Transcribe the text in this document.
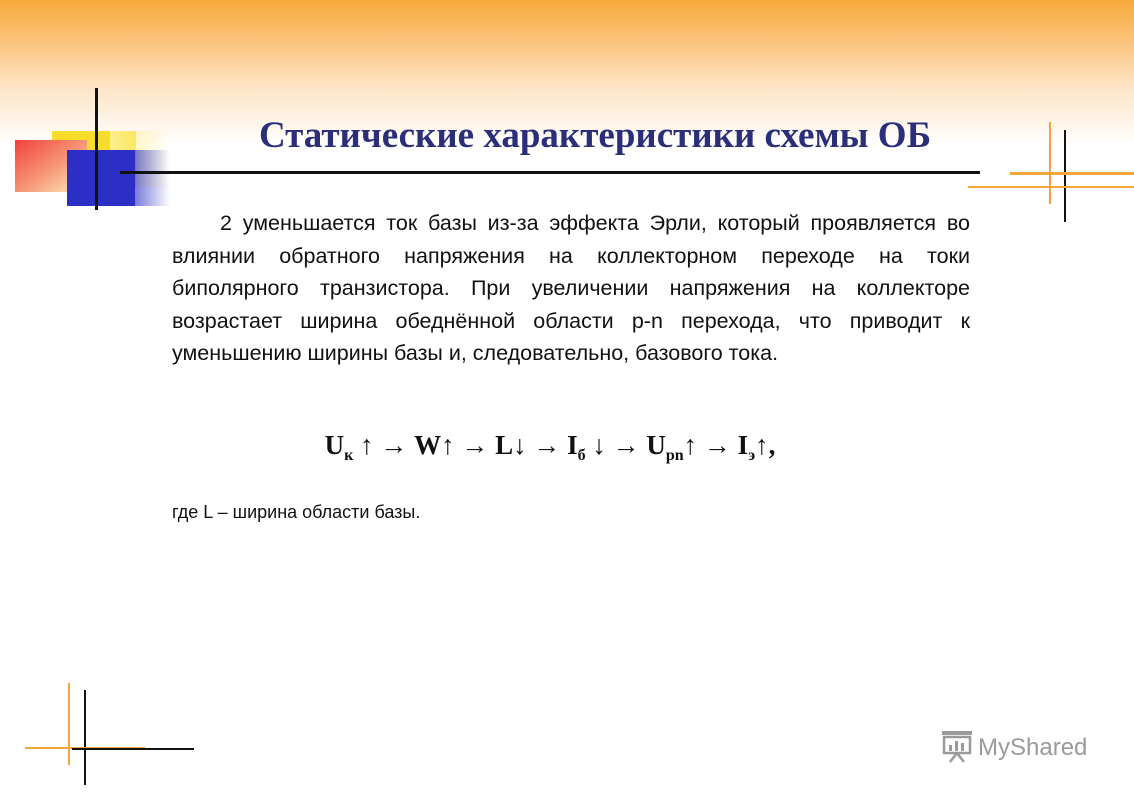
Статические характеристики схемы ОБ

2 уменьшается ток базы из-за эффекта Эрли, который проявляется во влиянии обратного напряжения на коллекторном переходе на токи биполярного транзистора. При увеличении напряжения на коллекторе возрастает ширина обеднённой области p-n перехода, что приводит к уменьшению ширины базы и, следовательно, базового тока.

$U_к$ ↑ → W↑ → L↓ → $I_б$ ↓ → $U_{pn}↑$ → $I_э↑$,
где L – ширина области базы.
MyShared
